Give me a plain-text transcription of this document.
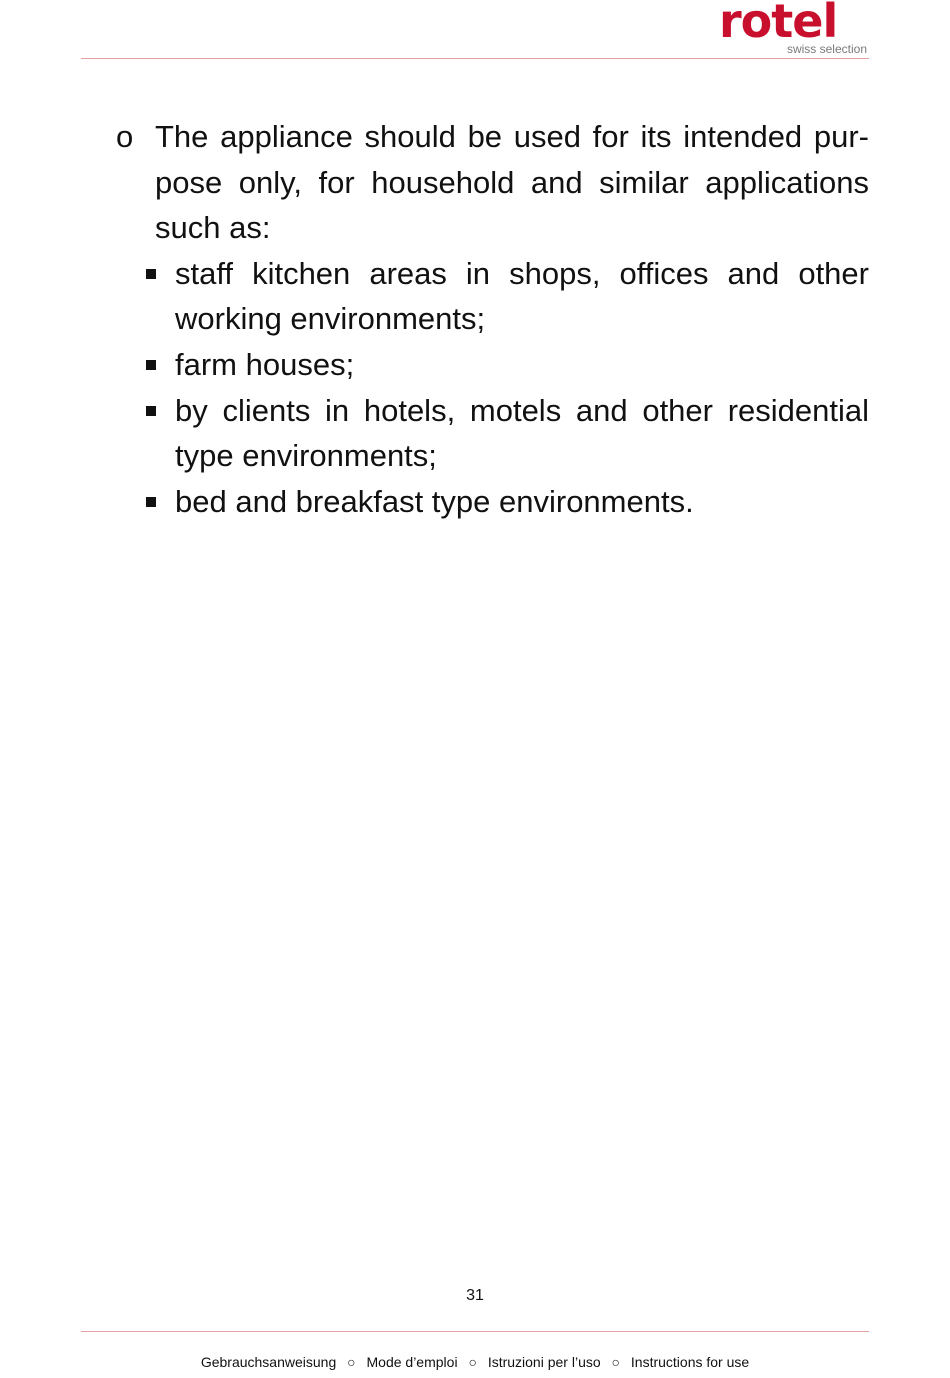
rotel
swiss selection
o The appliance should be used for its intended pur-pose only, for household and similar applications such as:
staff kitchen areas in shops, offices and other working environments;
farm houses;
by clients in hotels, motels and other residential type environments;
bed and breakfast type environments.
31
Gebrauchsanweisung ○ Mode d’emploi ○ Istruzioni per l’uso ○ Instructions for use
